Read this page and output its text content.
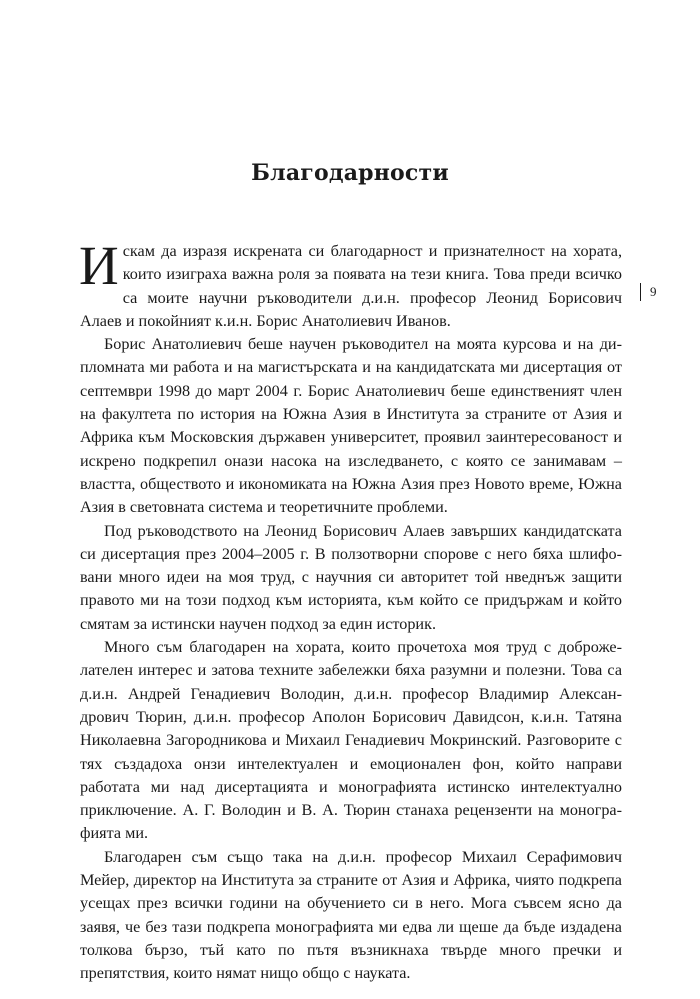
Благодарности
9

Искам да изразя искрената си благодарност и признателност на хората, които изиграха важна роля за появата на тези книга. Това преди всичко са моите научни ръководители д.и.н. професор Леонид Борисович Алаев и покойният к.и.н. Борис Анатолиевич Иванов.

Борис Анатолиевич беше научен ръководител на моята курсова и на дипломната ми работа и на магистърската и на кандидатската ми дисертация от септември 1998 до март 2004 г. Борис Анатолиевич беше единственият член на факултета по история на Южна Азия в Института за страните от Азия и Африка към Московския държавен университет, проявил заинтересованост и искрено подкрепил онази насока на изследването, с която се занимавам – властта, обществото и икономиката на Южна Азия през Новото време, Южна Азия в световната система и теоретичните проблеми.

Под ръководството на Леонид Борисович Алаев завърших кандидатската си дисертация през 2004–2005 г. В ползотворни спорове с него бяха шлифовани много идеи на моя труд, с научния си авторитет той нведнъж защити правото ми на този подход към историята, към който се придържам и който смятам за истински научен подход за един историк.

Много съм благодарен на хората, които прочетоха моя труд с доброжелателен интерес и затова техните забележки бяха разумни и полезни. Това са д.и.н. Андрей Генадиевич Володин, д.и.н. професор Владимир Александрович Тюрин, д.и.н. професор Аполон Борисович Давидсон, к.и.н. Татяна Николаевна Загородникова и Михаил Генадиевич Мокринский. Разговорите с тях създадоха онзи интелектуален и емоционален фон, който направи работата ми над дисертацията и монографията истинско интелектуално приключение. А. Г. Володин и В. А. Тюрин станаха рецензенти на монографията ми.

Благодарен съм също така на д.и.н. професор Михаил Серафимович Мейер, директор на Института за страните от Азия и Африка, чиято подкрепа усещах през всички години на обучението си в него. Мога съвсем ясно да заявя, че без тази подкрепа монографията ми едва ли щеше да бъде издадена толкова бързо, тъй като по пътя възникнаха твърде много пречки и препятствия, които нямат нищо общо с науката.
